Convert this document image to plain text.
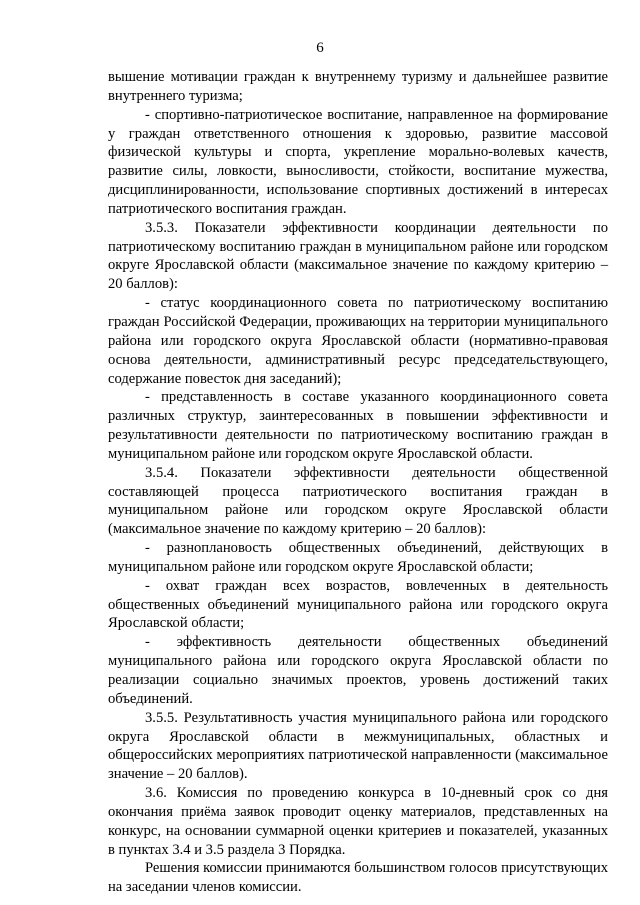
6

вышение мотивации граждан к внутреннему туризму и дальнейшее развитие внутреннего туризма;

- спортивно-патриотическое воспитание, направленное на формирование у граждан ответственного отношения к здоровью, развитие массовой физической культуры и спорта, укрепление морально-волевых качеств, развитие силы, ловкости, выносливости, стойкости, воспитание мужества, дисциплинированности, использование спортивных достижений в интересах патриотического воспитания граждан.

3.5.3. Показатели эффективности координации деятельности по патриотическому воспитанию граждан в муниципальном районе или городском округе Ярославской области (максимальное значение по каждому критерию – 20 баллов):

- статус координационного совета по патриотическому воспитанию граждан Российской Федерации, проживающих на территории муниципального района или городского округа Ярославской области (нормативно-правовая основа деятельности, административный ресурс председательствующего, содержание повесток дня заседаний);

- представленность в составе указанного координационного совета различных структур, заинтересованных в повышении эффективности и результативности деятельности по патриотическому воспитанию граждан в муниципальном районе или городском округе Ярославской области.

3.5.4. Показатели эффективности деятельности общественной составляющей процесса патриотического воспитания граждан в муниципальном районе или городском округе Ярославской области (максимальное значение по каждому критерию – 20 баллов):

- разноплановость общественных объединений, действующих в муниципальном районе или городском округе Ярославской области;

- охват граждан всех возрастов, вовлеченных в деятельность общественных объединений муниципального района или городского округа Ярославской области;

- эффективность деятельности общественных объединений муниципального района или городского округа Ярославской области по реализации социально значимых проектов, уровень достижений таких объединений.

3.5.5. Результативность участия муниципального района или городского округа Ярославской области в межмуниципальных, областных и общероссийских мероприятиях патриотической направленности (максимальное значение – 20 баллов).

3.6. Комиссия по проведению конкурса в 10-дневный срок со дня окончания приёма заявок проводит оценку материалов, представленных на конкурс, на основании суммарной оценки критериев и показателей, указанных в пунктах 3.4 и 3.5 раздела 3 Порядка.

Решения комиссии принимаются большинством голосов присутствующих на заседании членов комиссии.
